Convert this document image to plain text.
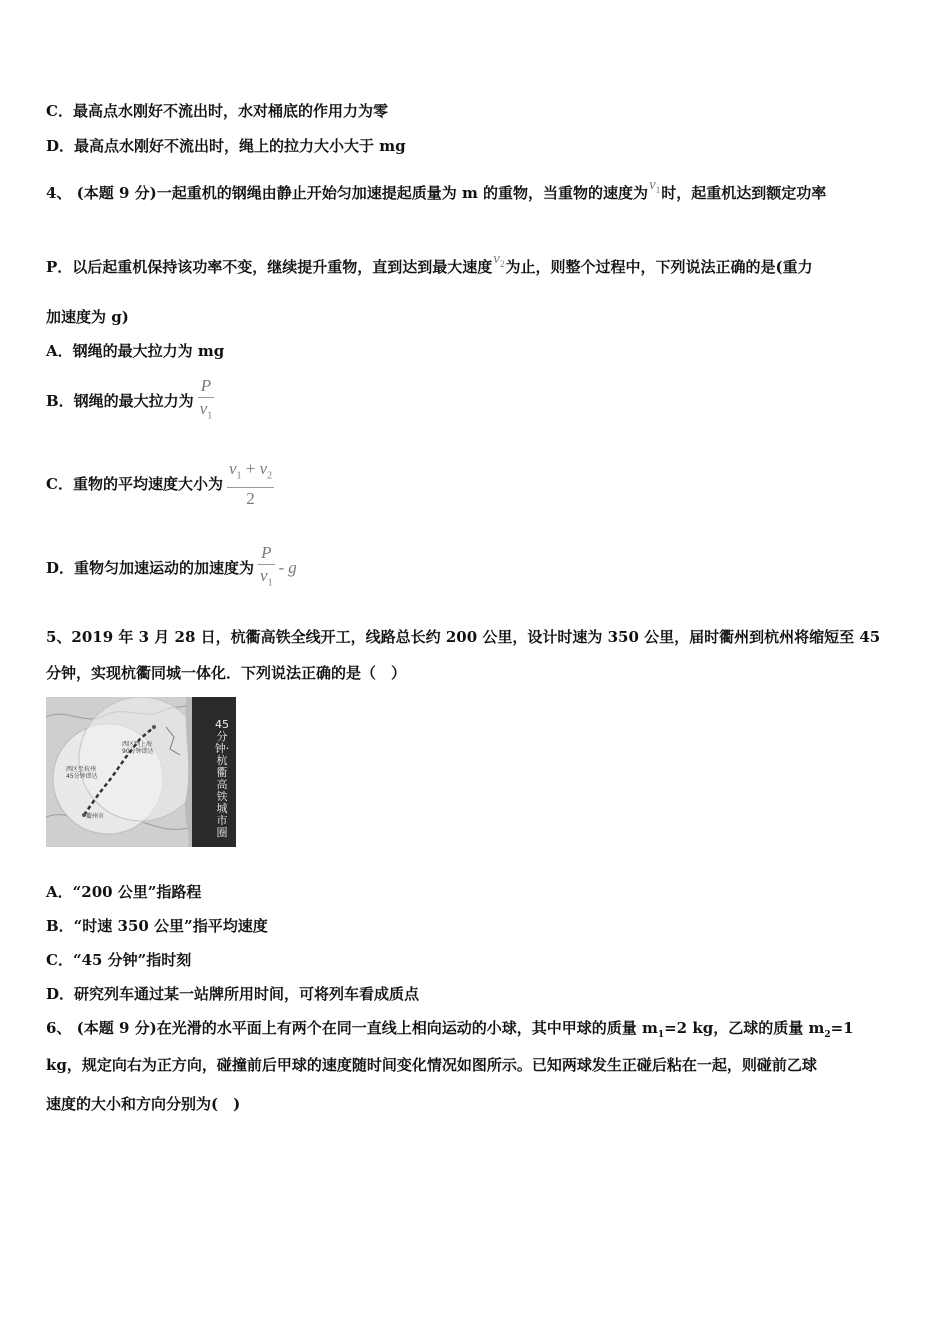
C．最高点水刚好不流出时，水对桶底的作用力为零
D．最高点水刚好不流出时，绳上的拉力大小大于 mg
4、 (本题 9 分)一起重机的钢绳由静止开始匀加速提起质量为 m 的重物，当重物的速度为$v_1$时，起重机达到额定功率
P．以后起重机保持该功率不变，继续提升重物，直到达到最大速度$v_2$为止，则整个过程中，下列说法正确的是(重力
加速度为 g)
A．钢绳的最大拉力为 mg
B．钢绳的最大拉力为 $\frac{P}{v_1}$
C．重物的平均速度大小为 $\frac{v_1 + v_2}{2}$
D．重物匀加速运动的加速度为 $\frac{P}{v_1}$ - g
5、2019 年 3 月 28 日，杭衢高铁全线开工，线路总长约 200 公里，设计时速为 350 公里，届时衢州到杭州将缩短至 45
分钟，实现杭衢同城一体化．下列说法正确的是（　）
西区到上海
90分钟即达
西区至杭州
45分钟即达
衢州市
45分钟·杭衢高铁城市圈
A．“200 公里”指路程
B．“时速 350 公里”指平均速度
C．“45 分钟”指时刻
D．研究列车通过某一站牌所用时间，可将列车看成质点
6、 (本题 9 分)在光滑的水平面上有两个在同一直线上相向运动的小球，其中甲球的质量 $m_1=2$ kg，乙球的质量 $m_2=1$
kg，规定向右为正方向，碰撞前后甲球的速度随时间变化情况如图所示。已知两球发生正碰后粘在一起，则碰前乙球
速度的大小和方向分别为(　)
